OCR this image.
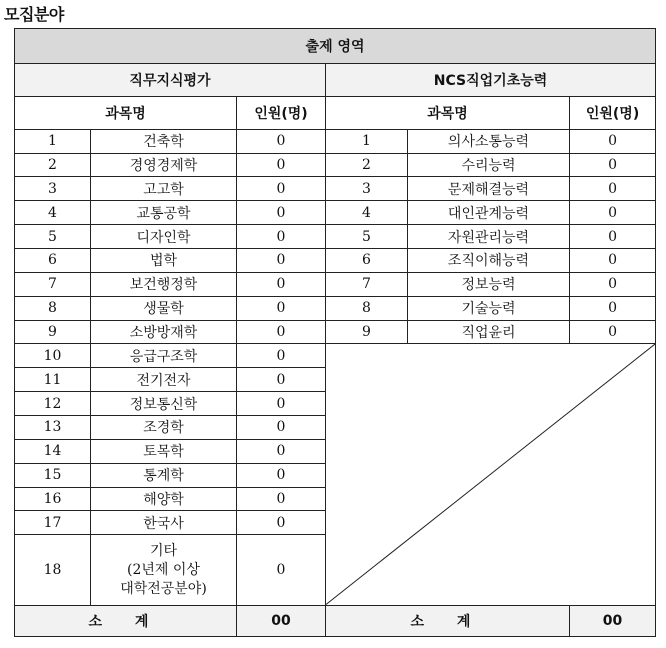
모집분야
출제 영역					
직무지식평가			NCS직업기초능력		
과목명		인원(명)	과목명		인원(명)
1	건축학	0	1	의사소통능력	0
2	경영경제학	0	2	수리능력	0
3	고고학	0	3	문제해결능력	0
4	교통공학	0	4	대인관계능력	0
5	디자인학	0	5	자원관리능력	0
6	법학	0	6	조직이해능력	0
7	보건행정학	0	7	정보능력	0
8	생물학	0	8	기술능력	0
9	소방방재학	0	9	직업윤리	0
10	응급구조학	0	

11	전기전자	0			
12	정보통신학	0			
13	조경학	0			
14	토목학	0			
15	통계학	0			
16	해양학	0			
17	한국사	0			
18	기타
(2년제 이상
대학전공분야)	0			
소 계		00	소 계		00
